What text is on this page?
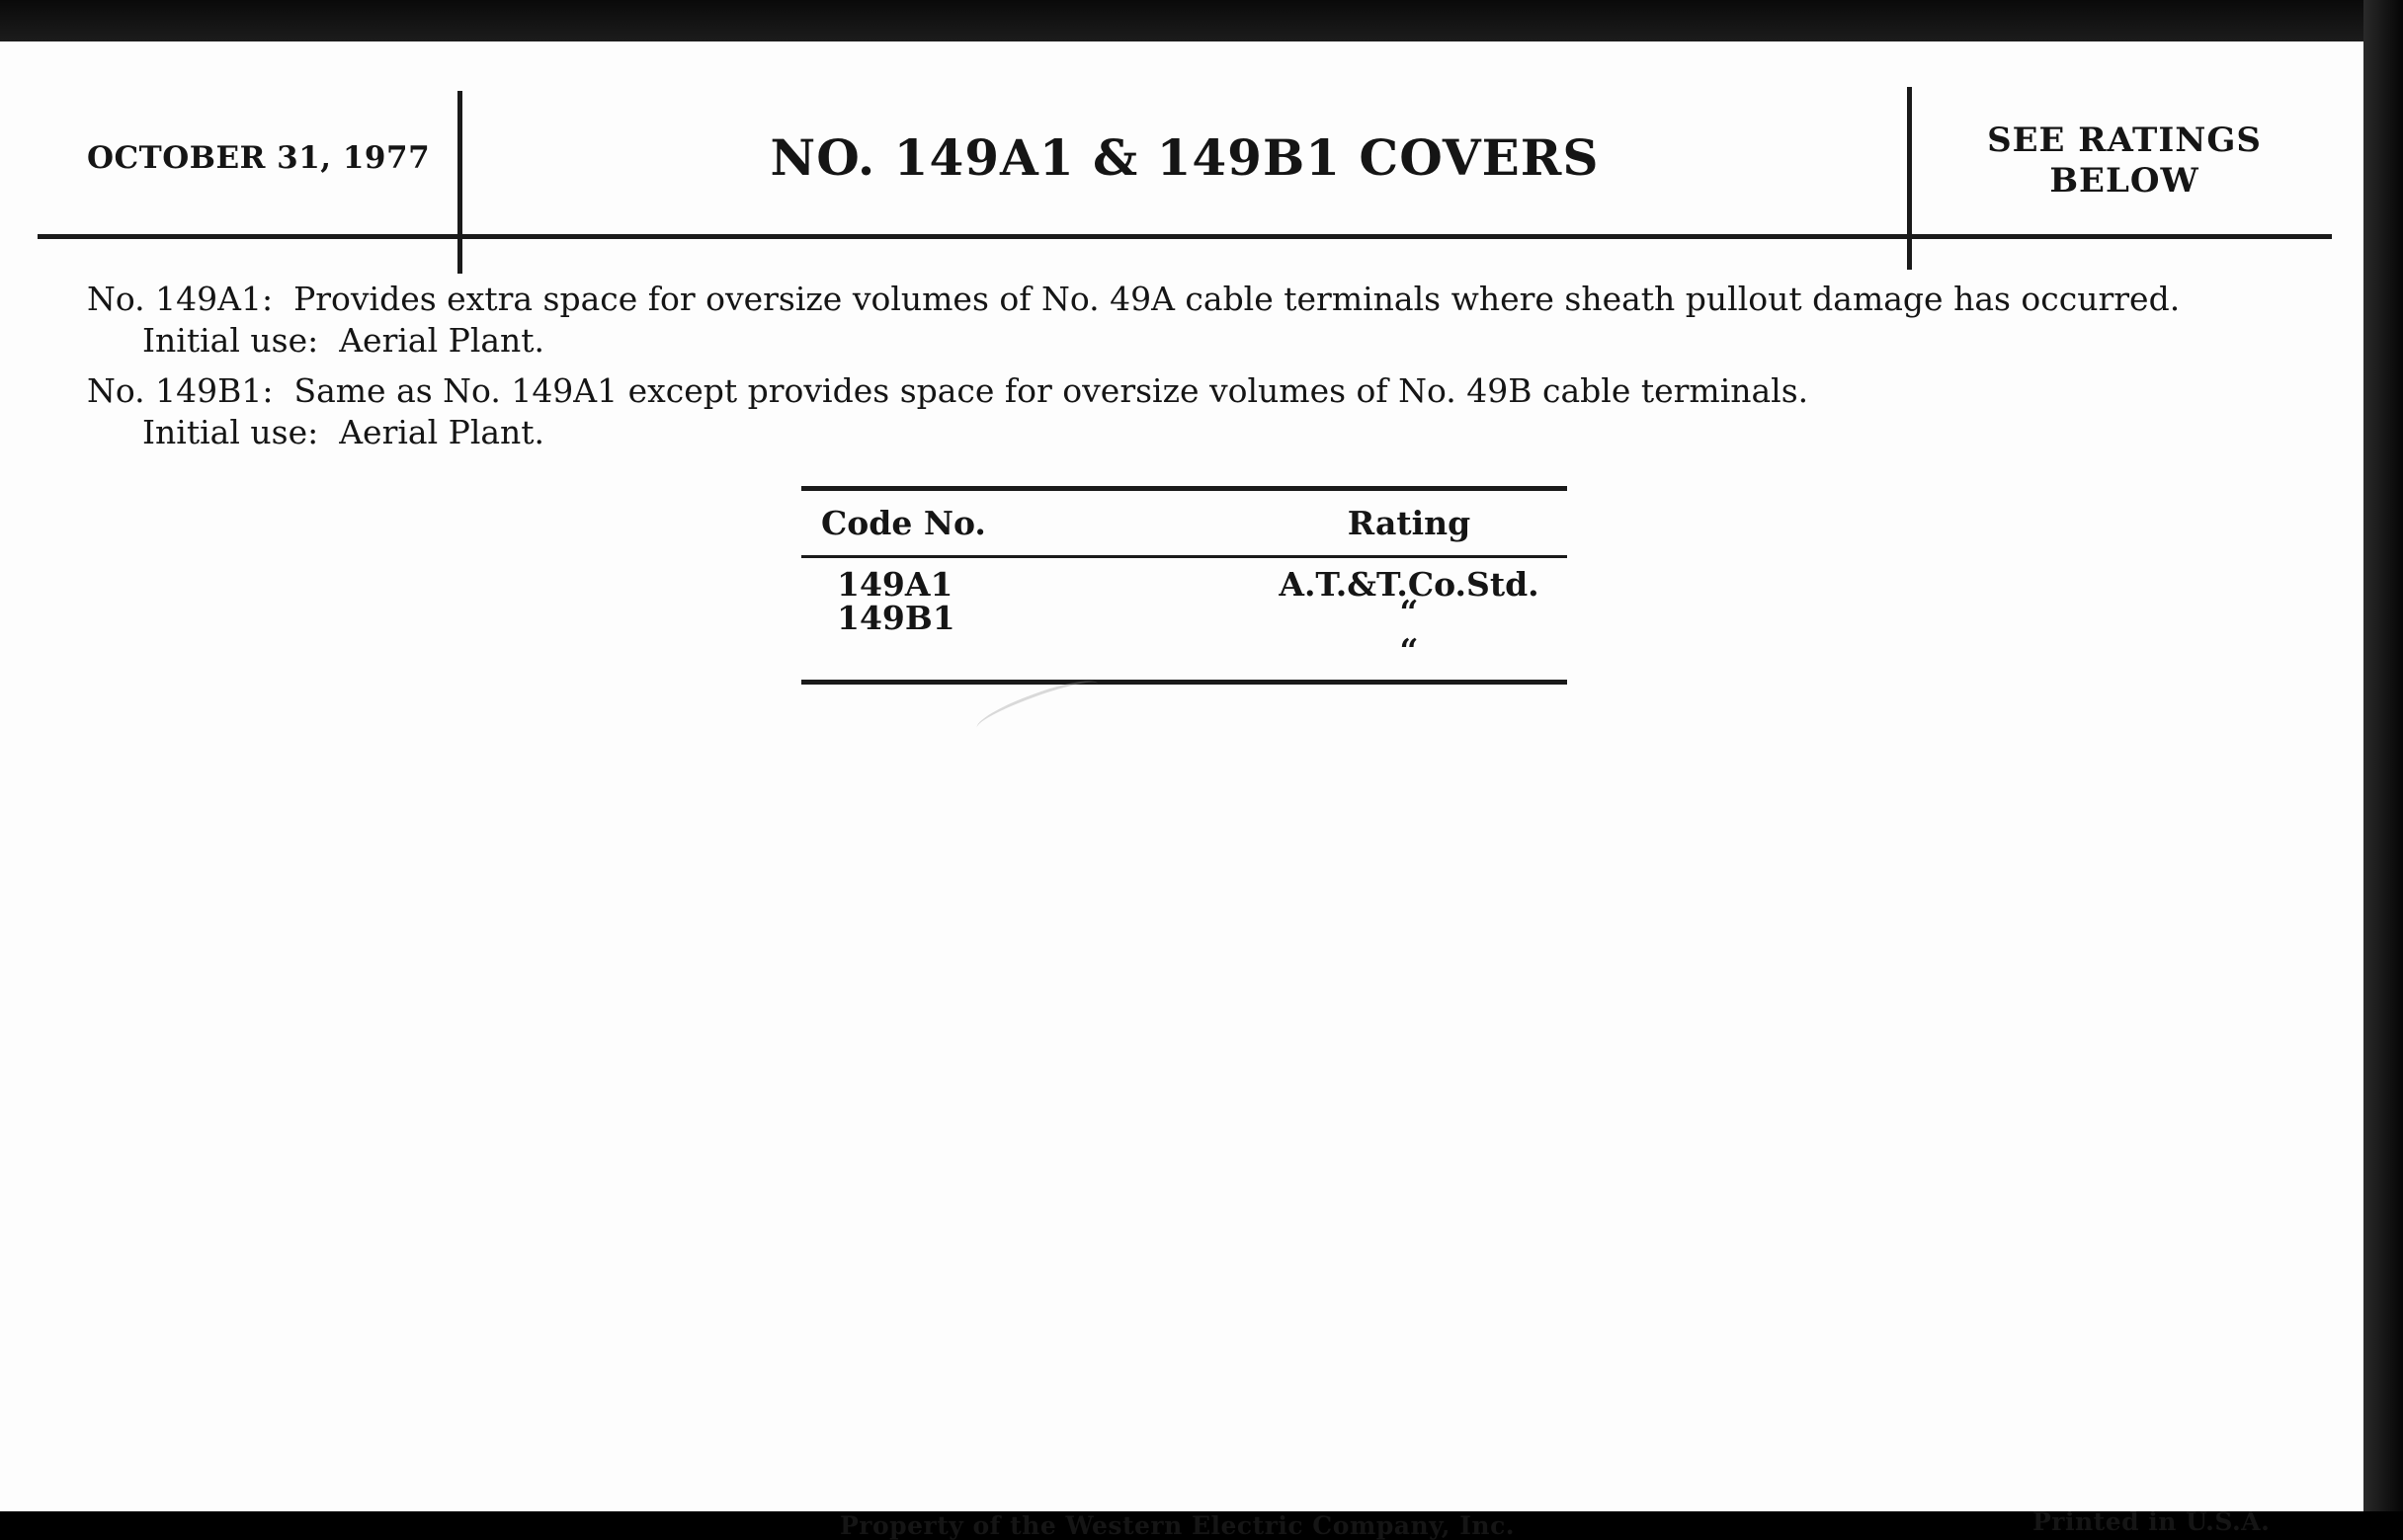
OCTOBER 31, 1977	NO. 149A1 & 149B1 COVERS	SEE RATINGS
BELOW
No. 149A1: Provides extra space for oversize volumes of No. 49A cable terminals where sheath pullout damage has occurred.
Initial use: Aerial Plant.
No. 149B1: Same as No. 149A1 except provides space for oversize volumes of No. 49B cable terminals.
Initial use: Aerial Plant.
Code No.	Rating
149A1	A.T.&T.Co.Std.
149B1	“ “
Property of the Western Electric Company, Inc.	Printed in U.S.A.
